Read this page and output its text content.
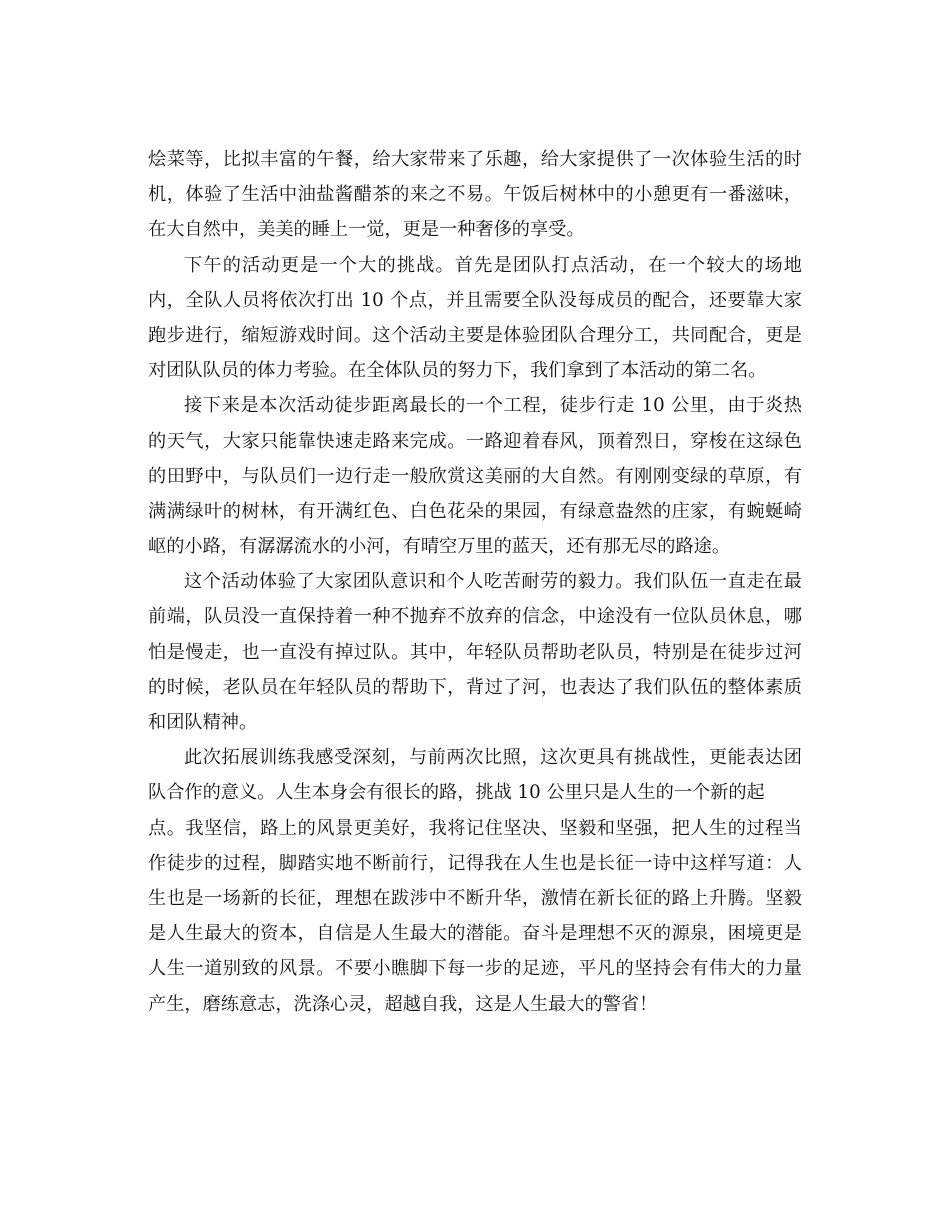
烩菜等，比拟丰富的午餐，给大家带来了乐趣，给大家提供了一次体验生活的时
机，体验了生活中油盐酱醋茶的来之不易。午饭后树林中的小憩更有一番滋味，
在大自然中，美美的睡上一觉，更是一种奢侈的享受。
下午的活动更是一个大的挑战。首先是团队打点活动，在一个较大的场地
内，全队人员将依次打出 10 个点，并且需要全队没每成员的配合，还要靠大家
跑步进行，缩短游戏时间。这个活动主要是体验团队合理分工，共同配合，更是
对团队队员的体力考验。在全体队员的努力下，我们拿到了本活动的第二名。
接下来是本次活动徒步距离最长的一个工程，徒步行走 10 公里，由于炎热
的天气，大家只能靠快速走路来完成。一路迎着春风，顶着烈日，穿梭在这绿色
的田野中，与队员们一边行走一般欣赏这美丽的大自然。有刚刚变绿的草原，有
满满绿叶的树林，有开满红色、白色花朵的果园，有绿意盎然的庄家，有蜿蜒崎
岖的小路，有潺潺流水的小河，有晴空万里的蓝天，还有那无尽的路途。
这个活动体验了大家团队意识和个人吃苦耐劳的毅力。我们队伍一直走在最
前端，队员没一直保持着一种不抛弃不放弃的信念，中途没有一位队员休息，哪
怕是慢走，也一直没有掉过队。其中，年轻队员帮助老队员，特别是在徒步过河
的时候，老队员在年轻队员的帮助下，背过了河，也表达了我们队伍的整体素质
和团队精神。
此次拓展训练我感受深刻，与前两次比照，这次更具有挑战性，更能表达团
队合作的意义。人生本身会有很长的路，挑战 10 公里只是人生的一个新的起
点。我坚信，路上的风景更美好，我将记住坚决、坚毅和坚强，把人生的过程当
作徒步的过程，脚踏实地不断前行，记得我在人生也是长征一诗中这样写道：人
生也是一场新的长征，理想在跋涉中不断升华，激情在新长征的路上升腾。坚毅
是人生最大的资本，自信是人生最大的潜能。奋斗是理想不灭的源泉，困境更是
人生一道别致的风景。不要小瞧脚下每一步的足迹，平凡的坚持会有伟大的力量
产生，磨练意志，洗涤心灵，超越自我，这是人生最大的警省！
